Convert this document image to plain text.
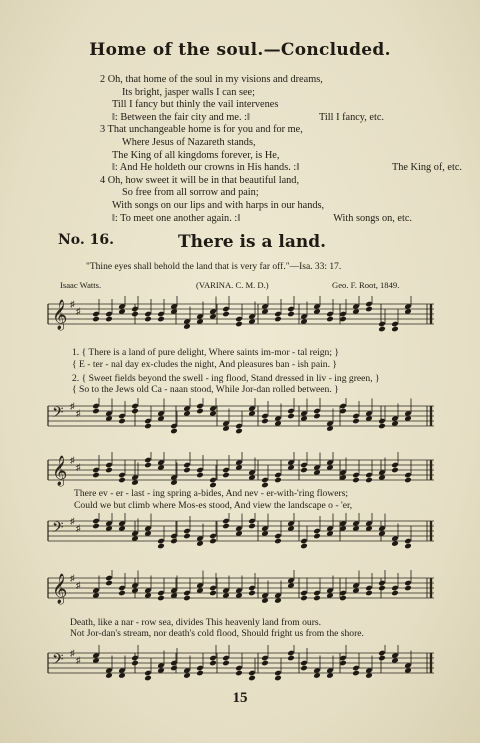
Home of the soul.—Concluded.
2 Oh, that home of the soul in my visions and dreams,
Its bright, jasper walls I can see;
Till I fancy but thinly the vail intervenes
‖: Between the fair city and me. :‖	Till I fancy, etc.
3 That unchangeable home is for you and for me,
Where Jesus of Nazareth stands,
The King of all kingdoms forever, is He,
‖: And He holdeth our crowns in His hands. :‖	The King of, etc.
4 Oh, how sweet it will be in that beautiful land,
So free from all sorrow and pain;
With songs on our lips and with harps in our hands,
‖: To meet one another again. :‖	With songs on, etc.
No. 16.	There is a land.
"Thine eyes shall behold the land that is very far off."—Isa. 33: 17.
Isaac Watts.	(VARINA. C. M. D.)	Geo. F. Root, 1849.
𝄞 ♯
♯
1. { There is a land of pure delight, Where saints im-mor - tal reign; }
{ E - ter - nal day ex-cludes the night, And pleasures ban - ish pain. }
2. { Sweet fields beyond the swell - ing flood, Stand dressed in liv - ing green, }
{ So to the Jews old Ca - naan stood, While Jor-dan rolled between. }
𝄢 ♯
♯
𝄞 ♯
♯
There ev - er - last - ing spring a-bides, And nev - er-with-'ring flowers;
Could we but climb where Mos-es stood, And view the landscape o - 'er,
𝄢 ♯
♯
𝄞 ♯
♯
Death, like a nar - row sea, divides This heavenly land from ours.
Not Jor-dan's stream, nor death's cold flood, Should fright us from the shore.
𝄢 ♯
♯
15
